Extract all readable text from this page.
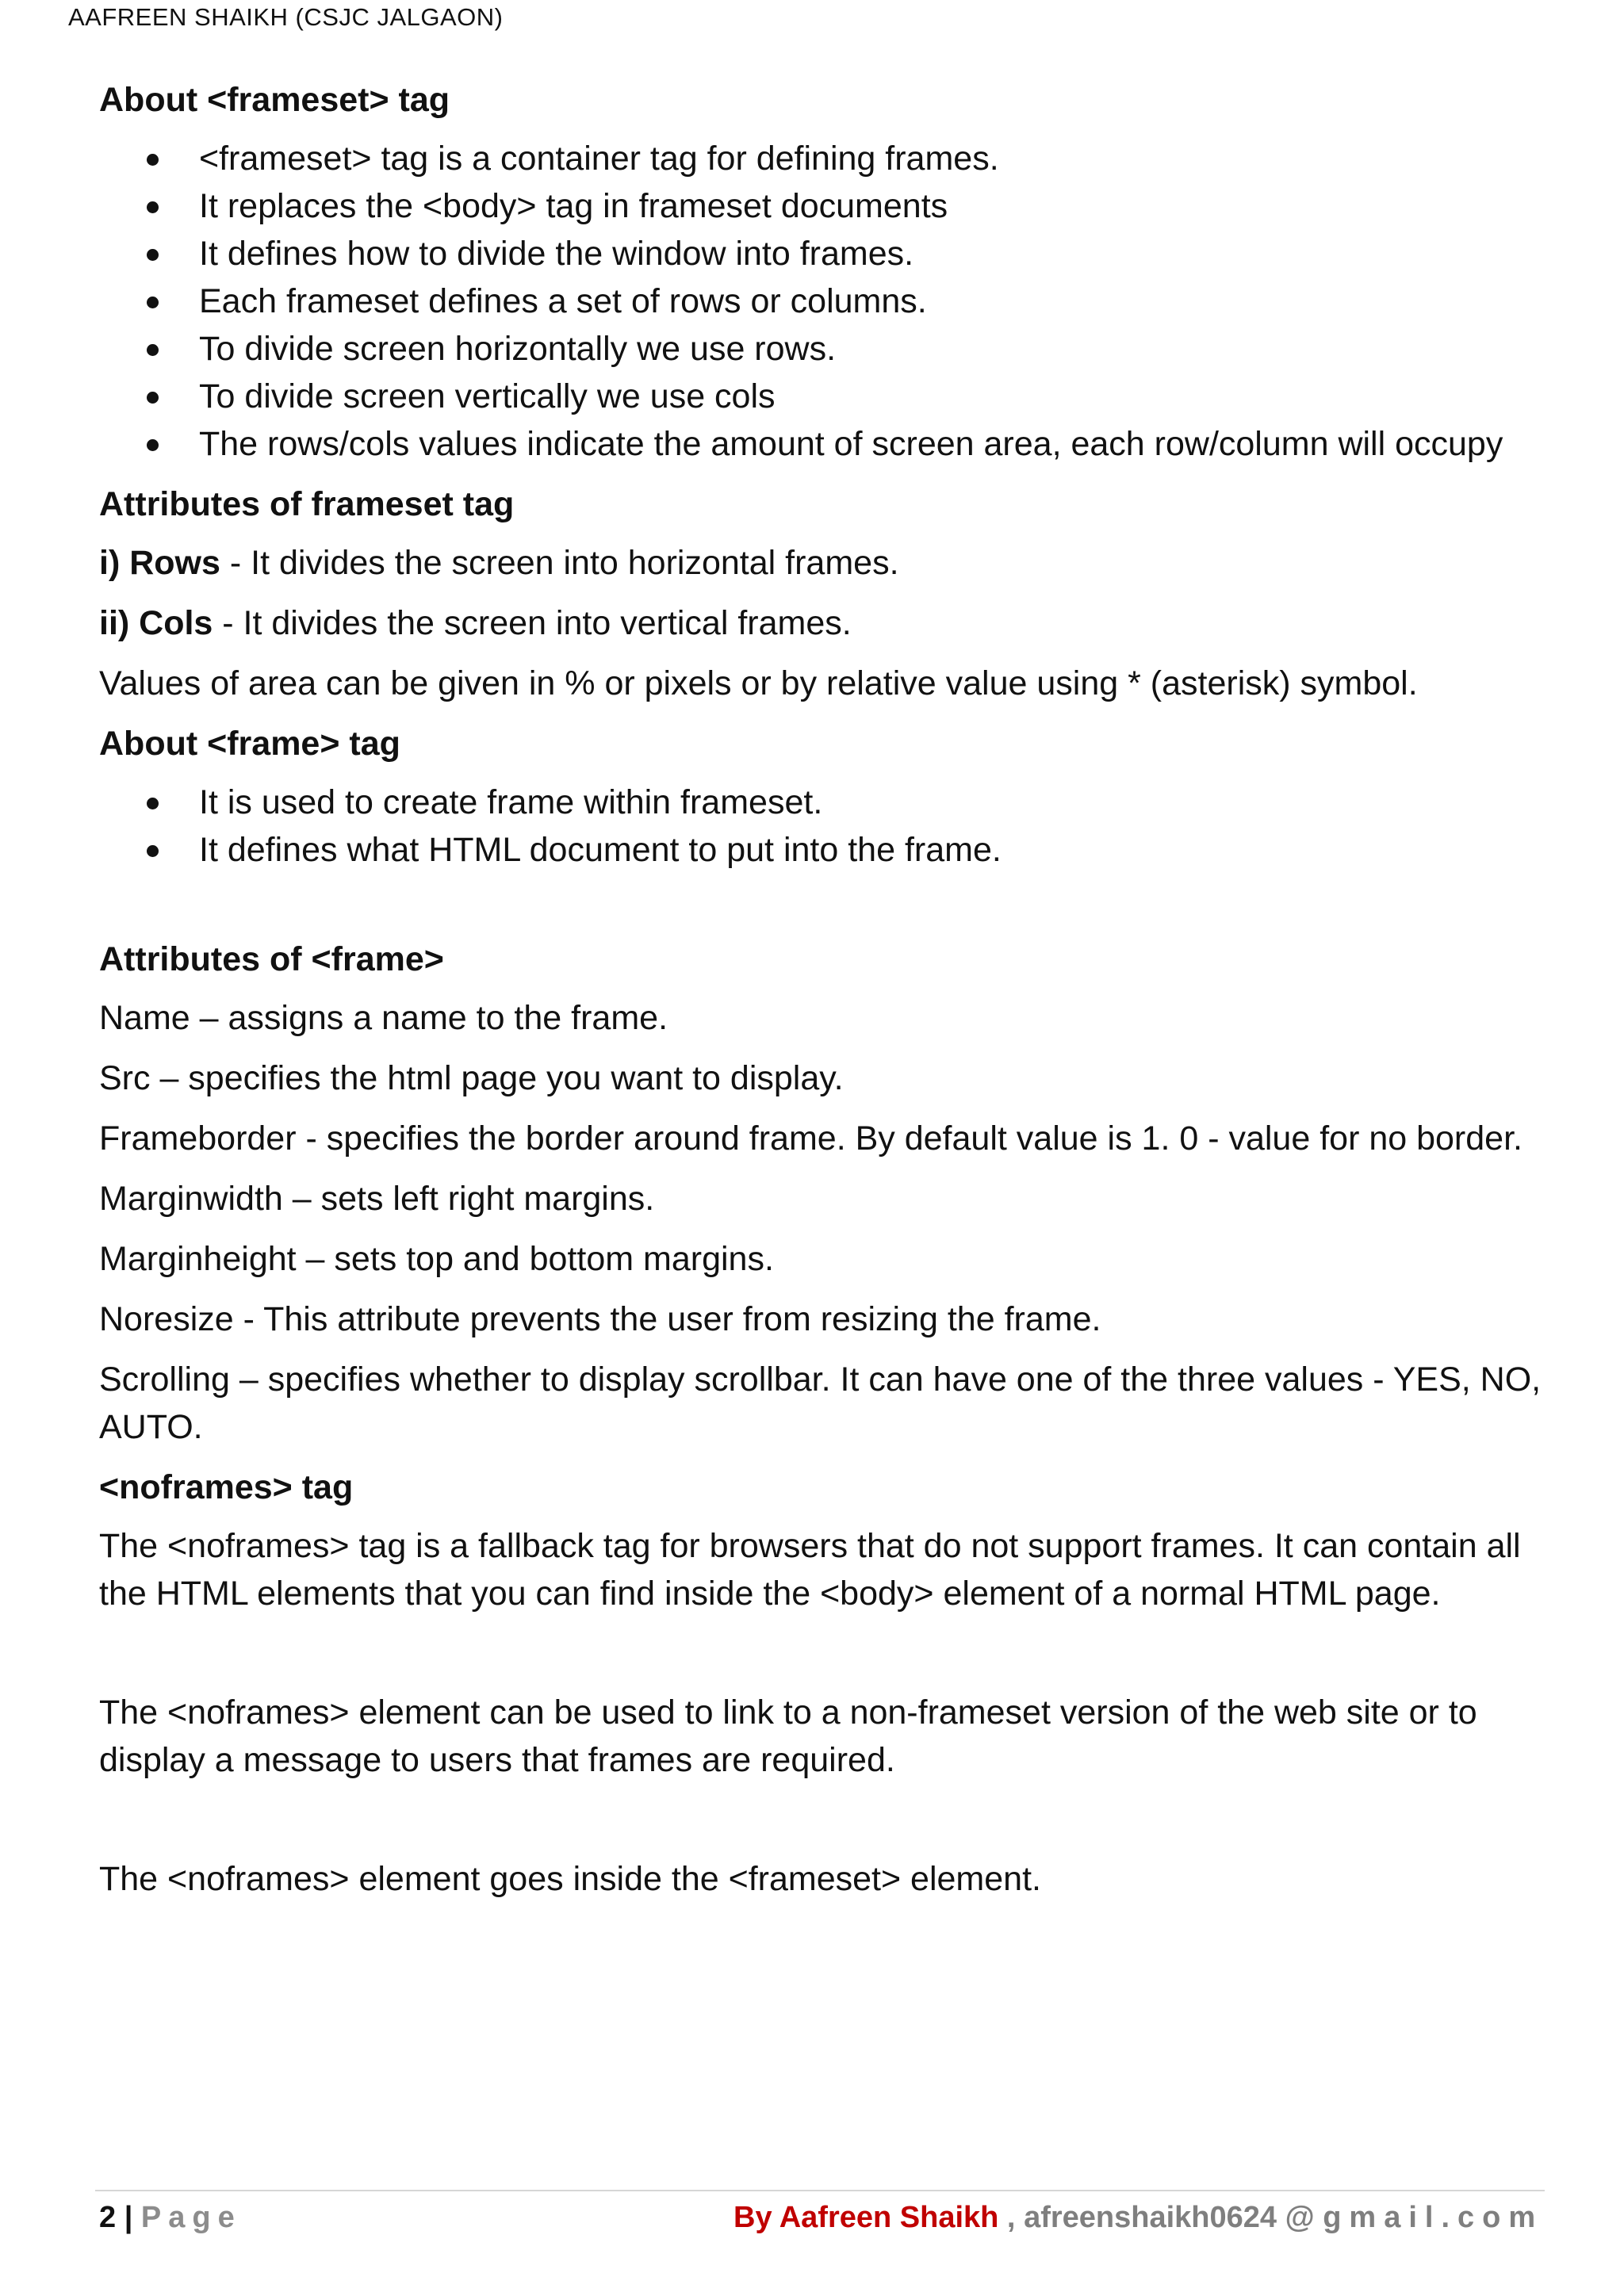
AAFREEN SHAIKH (CSJC JALGAON)
About <frameset> tag
<frameset> tag is a container tag for defining frames.
It replaces the <body> tag in frameset documents
It defines how to divide the window into frames.
Each frameset defines a set of rows or columns.
To divide screen horizontally we use rows.
To divide screen vertically we use cols
The rows/cols values indicate the amount of screen area, each row/column will occupy
Attributes of frameset tag
i) Rows - It divides the screen into horizontal frames.
ii) Cols - It divides the screen into vertical frames.
Values of area can be given in % or pixels or by relative value using * (asterisk) symbol.
About <frame> tag
It is used to create frame within frameset.
It defines what HTML document to put into the frame.
Attributes of <frame>
Name – assigns a name to the frame.
Src – specifies the html page you want to display.
Frameborder - specifies the border around frame. By default value is 1. 0 - value for no border.
Marginwidth – sets left right margins.
Marginheight – sets top and bottom margins.
Noresize - This attribute prevents the user from resizing the frame.
Scrolling – specifies whether to display scrollbar. It can have one of the three values - YES, NO, AUTO.
<noframes> tag
The <noframes> tag is a fallback tag for browsers that do not support frames. It can contain all the HTML elements that you can find inside the <body> element of a normal HTML page.
The <noframes> element can be used to link to a non-frameset version of the web site or to display a message to users that frames are required.
The <noframes> element goes inside the <frameset> element.
2 | Page	By Aafreen Shaikh , afreenshaikh0624 @ gmail.com
